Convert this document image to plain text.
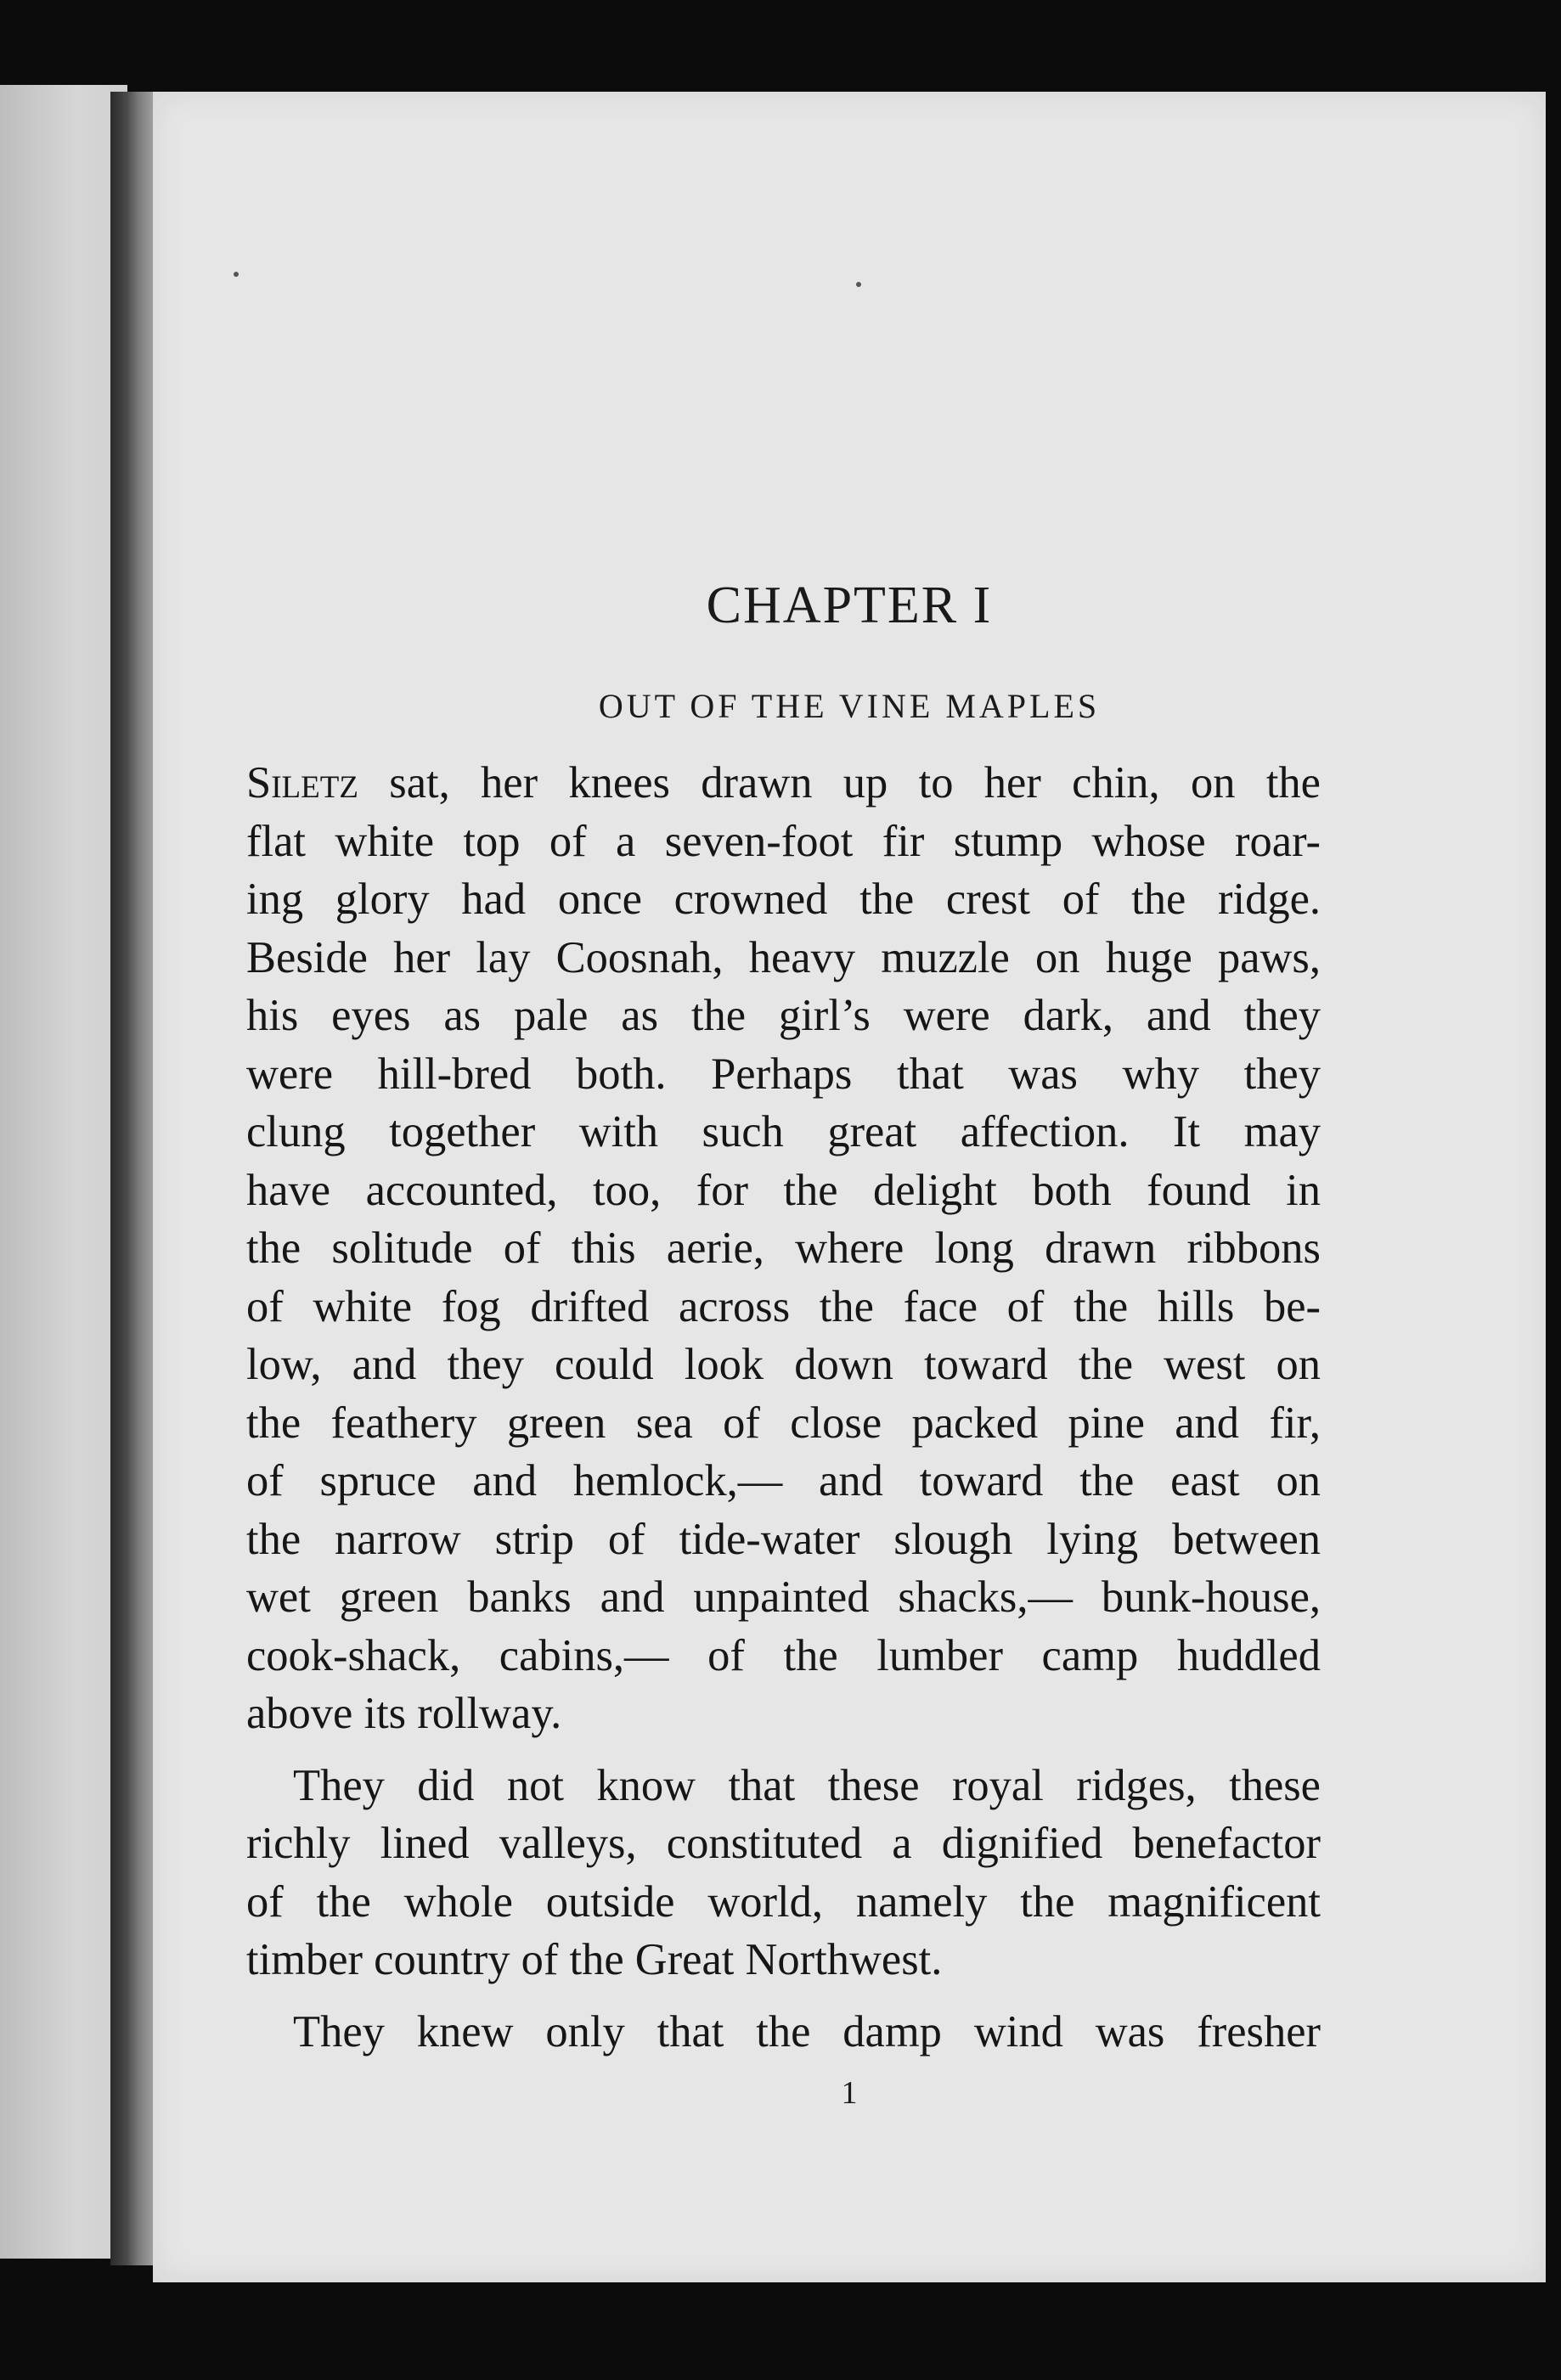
CHAPTER I
OUT OF THE VINE MAPLES
Siletz sat, her knees drawn up to her chin, on the
flat white top of a seven-foot fir stump whose roar-
ing glory had once crowned the crest of the ridge.
Beside her lay Coosnah, heavy muzzle on huge paws,
his eyes as pale as the girl’s were dark, and they
were hill-bred both. Perhaps that was why they
clung together with such great affection. It may
have accounted, too, for the delight both found in
the solitude of this aerie, where long drawn ribbons
of white fog drifted across the face of the hills be-
low, and they could look down toward the west on
the feathery green sea of close packed pine and fir,
of spruce and hemlock,— and toward the east on
the narrow strip of tide-water slough lying between
wet green banks and unpainted shacks,— bunk-house,
cook-shack, cabins,— of the lumber camp huddled
above its rollway.
They did not know that these royal ridges, these
richly lined valleys, constituted a dignified benefactor
of the whole outside world, namely the magnificent
timber country of the Great Northwest.
They knew only that the damp wind was fresher
1
